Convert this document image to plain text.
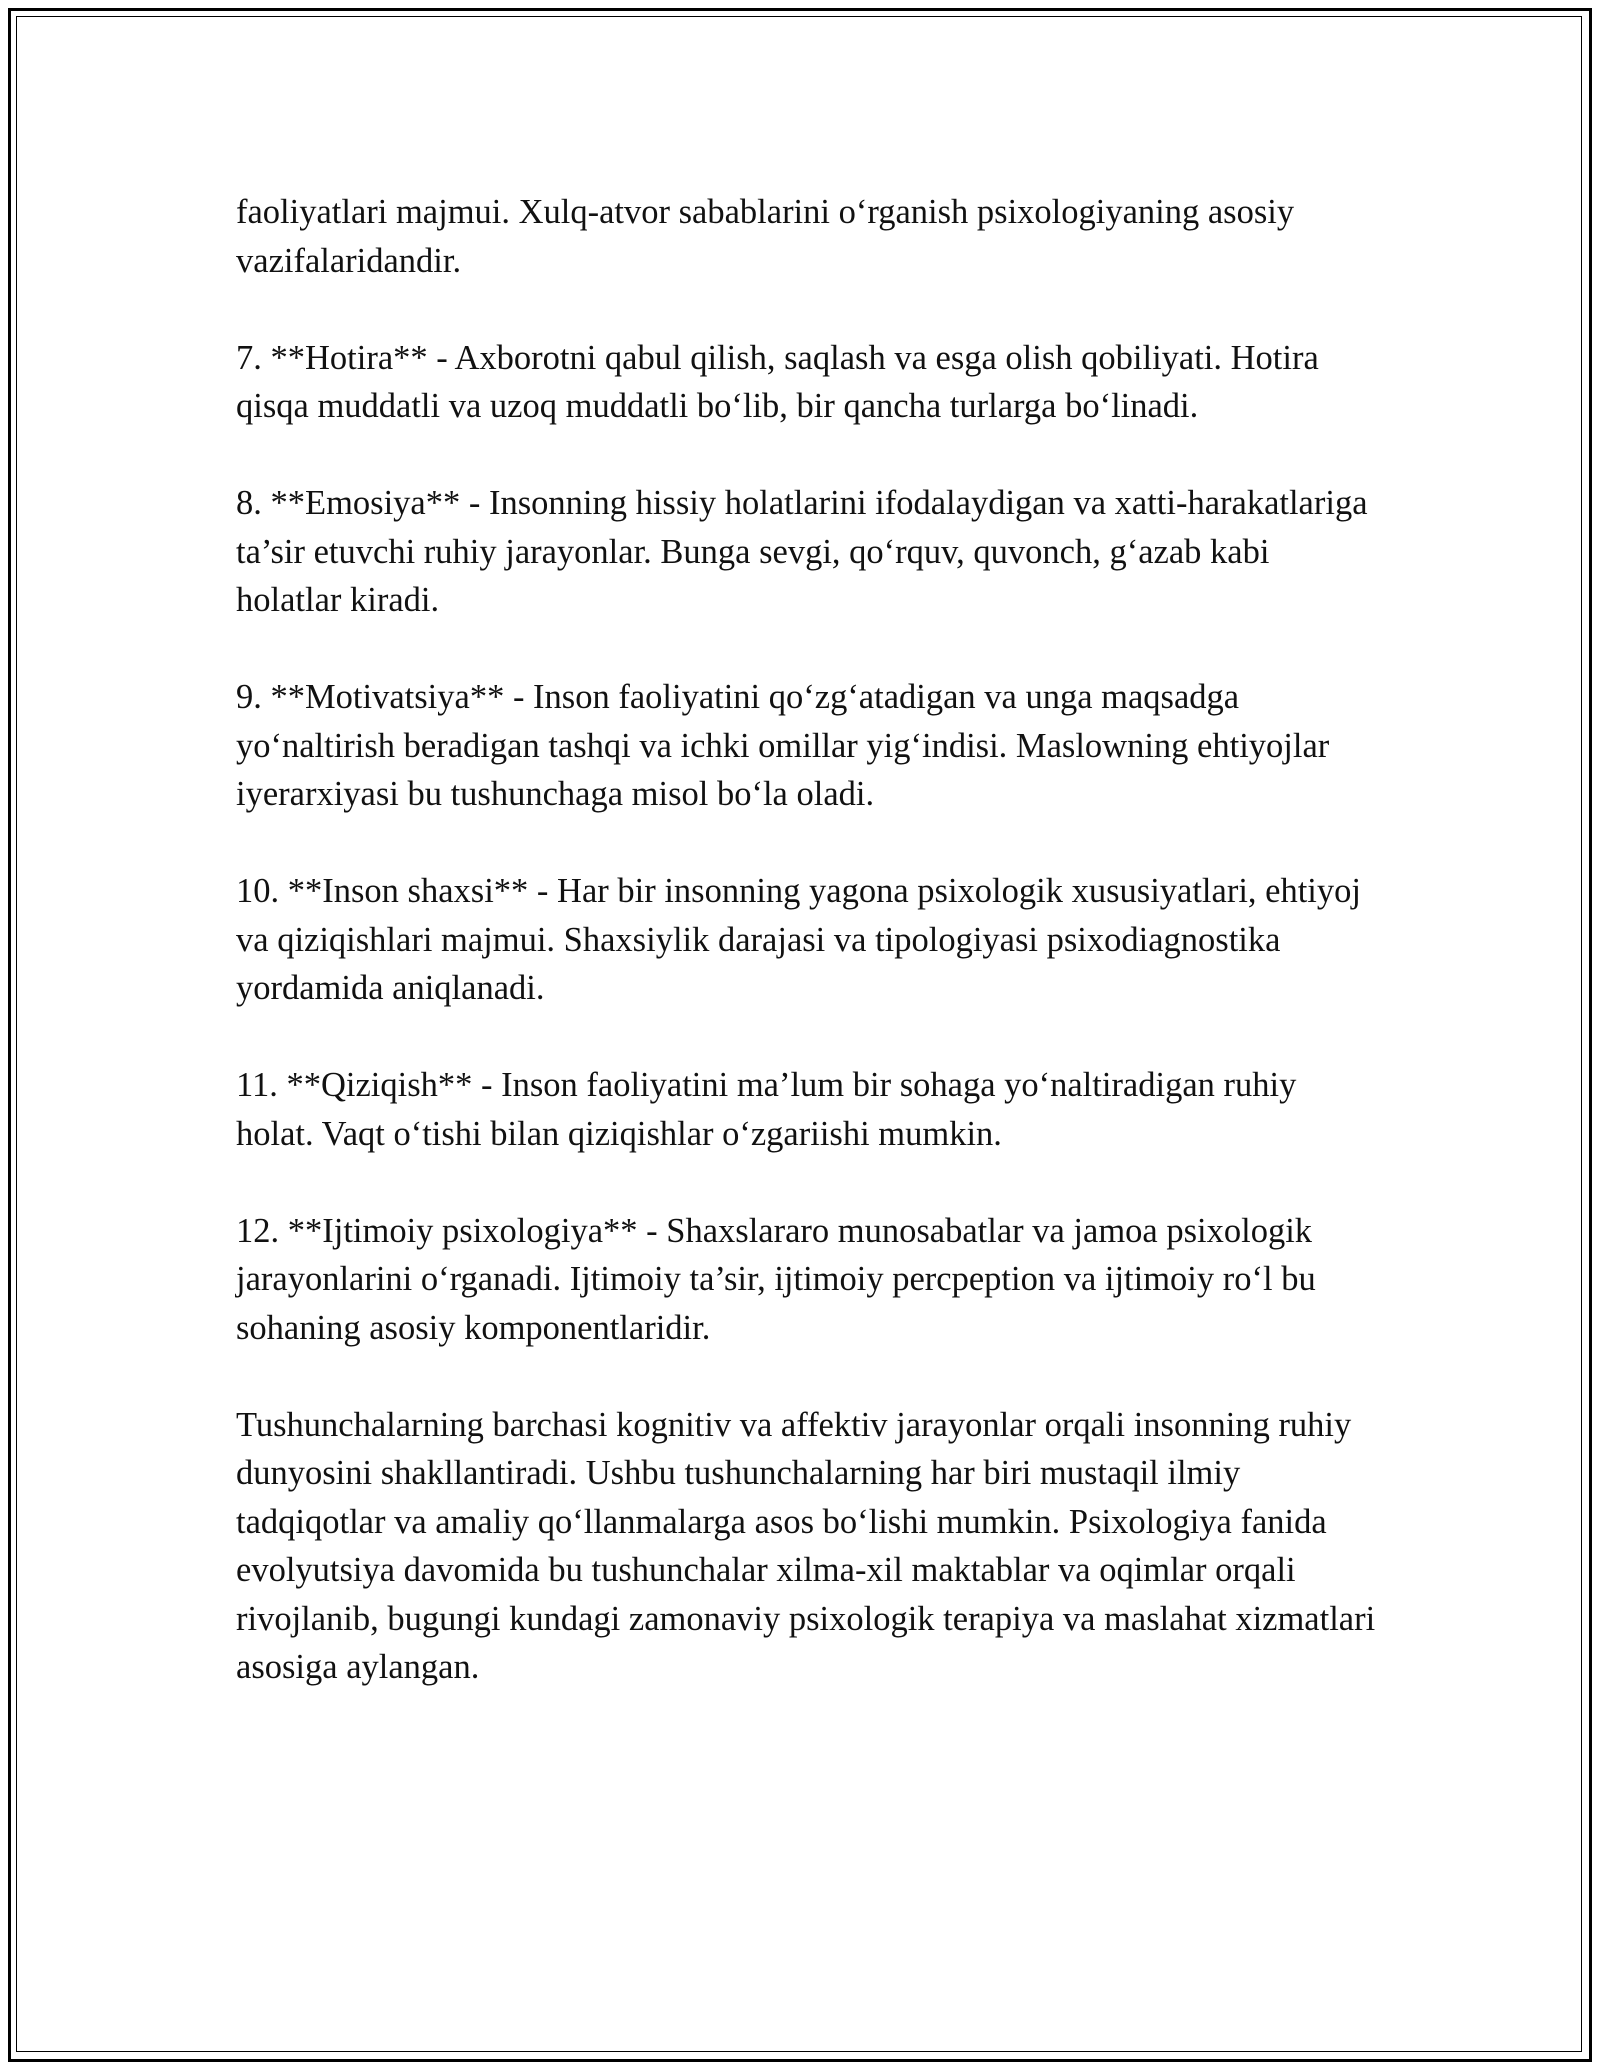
faoliyatlari majmui. Xulq-atvor sabablarini o‘rganish psixologiyaning asosiy vazifalaridandir.

7. **Hotira** - Axborotni qabul qilish, saqlash va esga olish qobiliyati. Hotira qisqa muddatli va uzoq muddatli bo‘lib, bir qancha turlarga bo‘linadi.

8. **Emosiya** - Insonning hissiy holatlarini ifodalaydigan va xatti-harakatlariga ta’sir etuvchi ruhiy jarayonlar. Bunga sevgi, qo‘rquv, quvonch, g‘azab kabi holatlar kiradi.

9. **Motivatsiya** - Inson faoliyatini qo‘zg‘atadigan va unga maqsadga yo‘naltirish beradigan tashqi va ichki omillar yig‘indisi. Maslowning ehtiyojlar iyerarxiyasi bu tushunchaga misol bo‘la oladi.

10. **Inson shaxsi** - Har bir insonning yagona psixologik xususiyatlari, ehtiyoj va qiziqishlari majmui. Shaxsiylik darajasi va tipologiyasi psixodiagnostika yordamida aniqlanadi.

11. **Qiziqish** - Inson faoliyatini ma’lum bir sohaga yo‘naltiradigan ruhiy holat. Vaqt o‘tishi bilan qiziqishlar o‘zgariishi mumkin.

12. **Ijtimoiy psixologiya** - Shaxslararo munosabatlar va jamoa psixologik jarayonlarini o‘rganadi. Ijtimoiy ta’sir, ijtimoiy percpeption va ijtimoiy ro‘l bu sohaning asosiy komponentlaridir.

Tushunchalarning barchasi kognitiv va affektiv jarayonlar orqali insonning ruhiy dunyosini shakllantiradi. Ushbu tushunchalarning har biri mustaqil ilmiy tadqiqotlar va amaliy qo‘llanmalarga asos bo‘lishi mumkin. Psixologiya fanida evolyutsiya davomida bu tushunchalar xilma-xil maktablar va oqimlar orqali rivojlanib, bugungi kundagi zamonaviy psixologik terapiya va maslahat xizmatlari asosiga aylangan.
